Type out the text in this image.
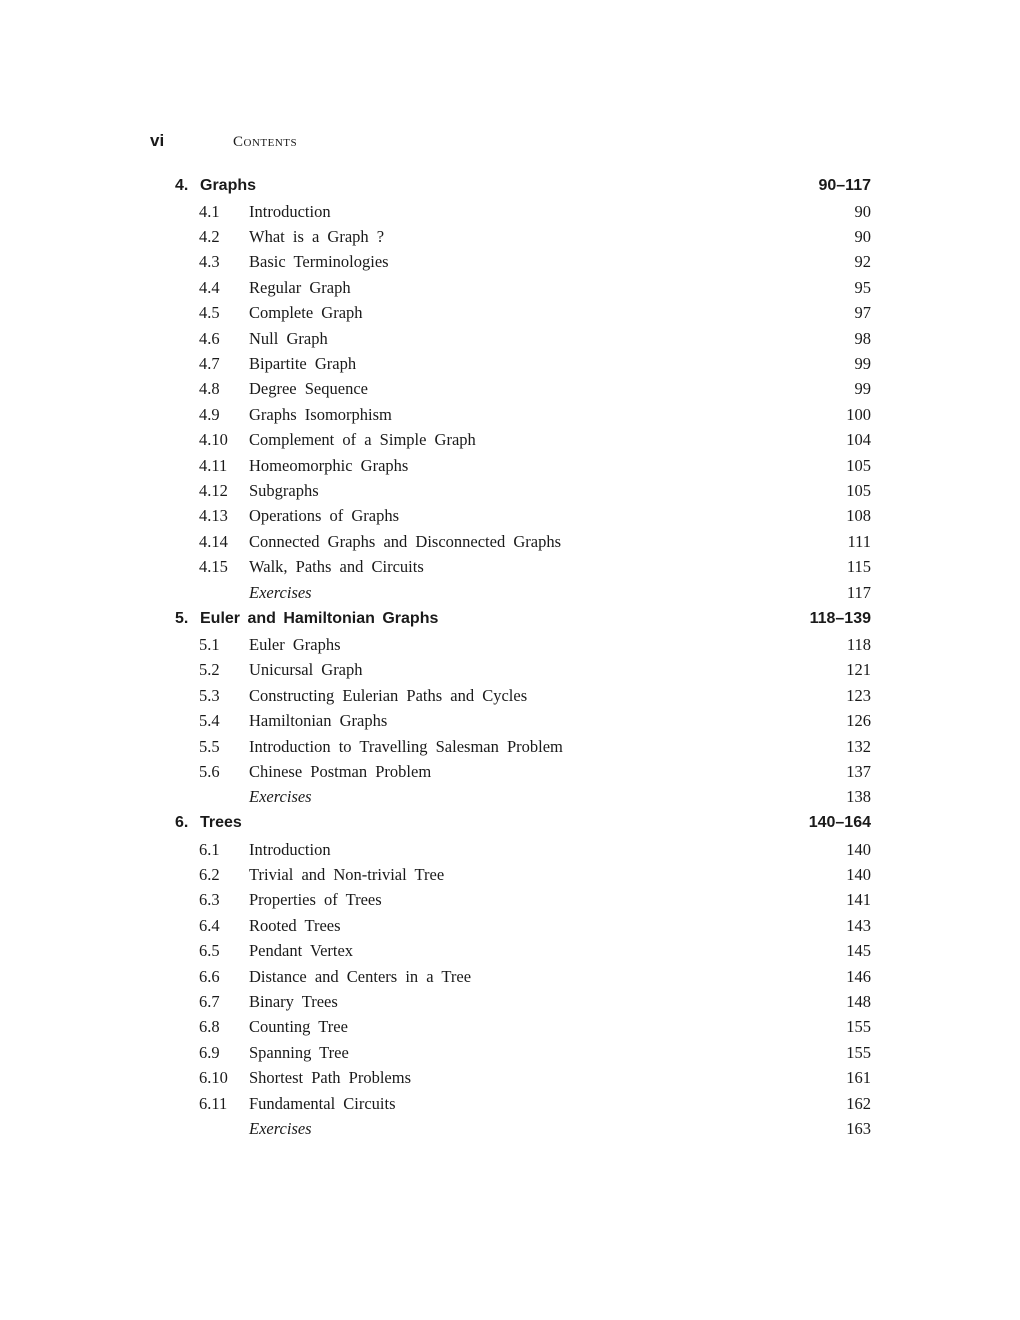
vi	Contents
4. Graphs	90–117
4.1	Introduction	90
4.2	What is a Graph ?	90
4.3	Basic Terminologies	92
4.4	Regular Graph	95
4.5	Complete Graph	97
4.6	Null Graph	98
4.7	Bipartite Graph	99
4.8	Degree Sequence	99
4.9	Graphs Isomorphism	100
4.10	Complement of a Simple Graph	104
4.11	Homeomorphic Graphs	105
4.12	Subgraphs	105
4.13	Operations of Graphs	108
4.14	Connected Graphs and Disconnected Graphs	111
4.15	Walk, Paths and Circuits	115
Exercises	117
5. Euler and Hamiltonian Graphs	118–139
5.1	Euler Graphs	118
5.2	Unicursal Graph	121
5.3	Constructing Eulerian Paths and Cycles	123
5.4	Hamiltonian Graphs	126
5.5	Introduction to Travelling Salesman Problem	132
5.6	Chinese Postman Problem	137
Exercises	138
6. Trees	140–164
6.1	Introduction	140
6.2	Trivial and Non-trivial Tree	140
6.3	Properties of Trees	141
6.4	Rooted Trees	143
6.5	Pendant Vertex	145
6.6	Distance and Centers in a Tree	146
6.7	Binary Trees	148
6.8	Counting Tree	155
6.9	Spanning Tree	155
6.10	Shortest Path Problems	161
6.11	Fundamental Circuits	162
Exercises	163
